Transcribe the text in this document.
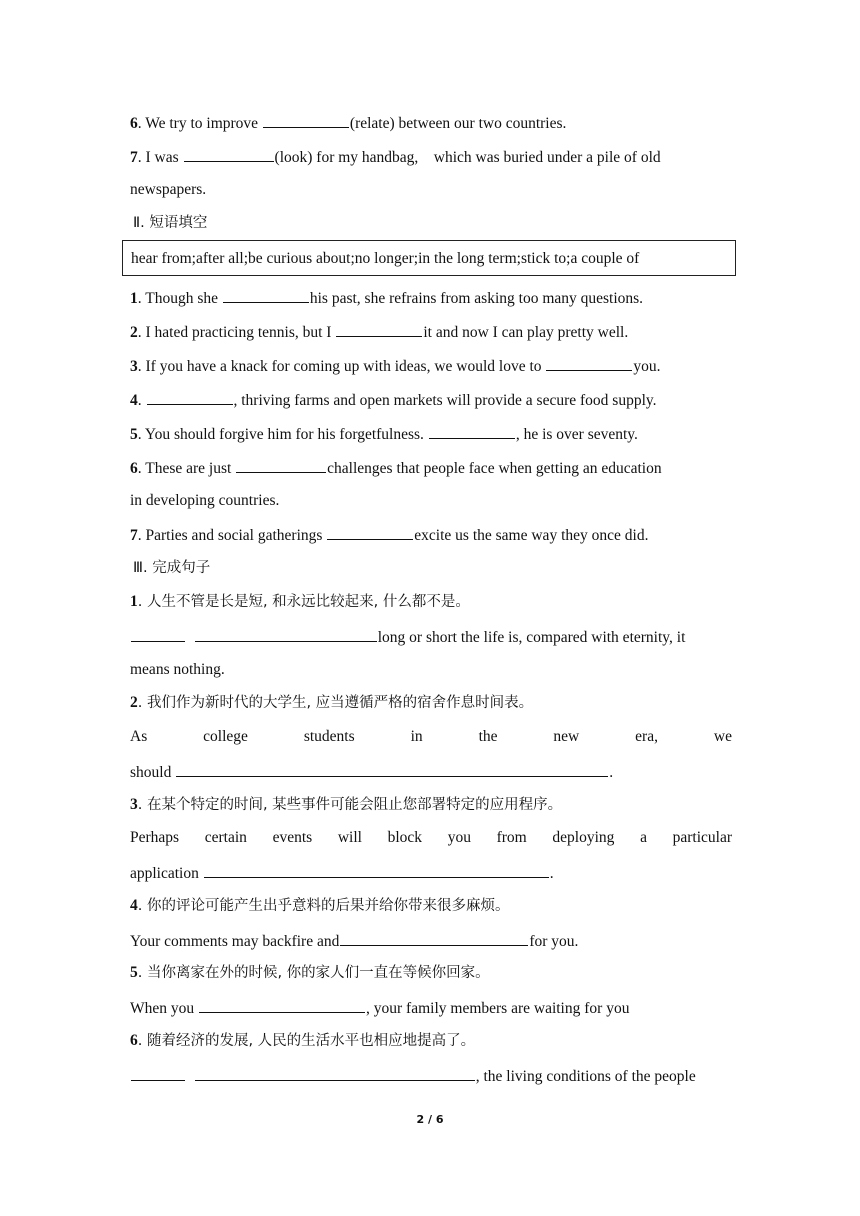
6. We try to improve	(relate) between our two countries.
7. I was	(look) for my handbag,    which was buried under a pile of old
newspapers.
Ⅱ. 短语填空
hear from;after all;be curious about;no longer;in the long term;stick to;a couple of
1. Though she	his past, she refrains from asking too many questions.
2. I hated practicing tennis, but I	it and now I can play pretty well.
3. If you have a knack for coming up with ideas, we would love to	you.
4.	, thriving farms and open markets will provide a secure food supply.
5. You should forgive him for his forgetfulness.	, he is over seventy.
6. These are just	challenges that people face when getting an education
in developing countries.
7. Parties and social gatherings	excite us the same way they once did.
Ⅲ. 完成句子
1. 人生不管是长是短, 和永远比较起来, 什么都不是。
long or short the life is, compared with eternity, it
means nothing.
2. 我们作为新时代的大学生, 应当遵循严格的宿舍作息时间表。
As	college	students	in	the	new	era,	we
should	.
3. 在某个特定的时间, 某些事件可能会阻止您部署特定的应用程序。
Perhaps certain events will block you from deploying a particular
application	.
4. 你的评论可能产生出乎意料的后果并给你带来很多麻烦。
Your comments may backfire and	for you.
5. 当你离家在外的时候, 你的家人们一直在等候你回家。
When you	, your family members are waiting for you
6. 随着经济的发展, 人民的生活水平也相应地提高了。
, the living conditions of the people
2 / 6
